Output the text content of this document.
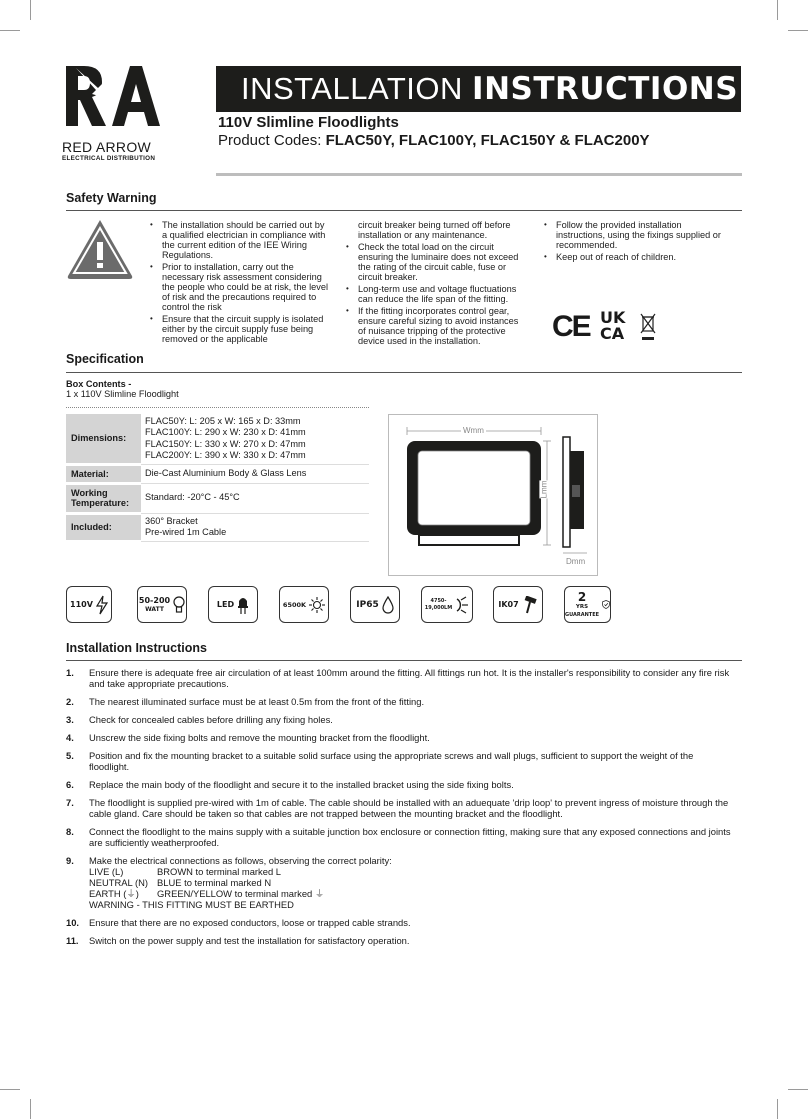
RED ARROW
ELECTRICAL DISTRIBUTION
INSTALLATION INSTRUCTIONS
110V Slimline Floodlights
Product Codes: FLAC50Y, FLAC100Y, FLAC150Y & FLAC200Y
Safety Warning
• The installation should be carried out by a qualified electrician in compliance with the current edition of the IEE Wiring Regulations.
• Prior to installation, carry out the necessary risk assessment considering the people who could be at risk, the level of risk and the precautions required to control the risk
• Ensure that the circuit supply is isolated either by the circuit supply fuse being removed or the applicable
circuit breaker being turned off before installation or any maintenance.
• Check the total load on the circuit ensuring the luminaire does not exceed the rating of the circuit cable, fuse or circuit breaker.
• Long-term use and voltage fluctuations can reduce the life span of the fitting.
• If the fitting incorporates control gear, ensure careful sizing to avoid instances of nuisance tripping of the protective device used in the installation.
• Follow the provided installation instructions, using the fixings supplied or recommended.
• Keep out of reach of children.
CE UK
CA
Specification
Box Contents -
1 x 110V Slimline Floodlight
Dimensions:	FLAC50Y: L: 205 x W: 165 x D: 33mm
FLAC100Y: L: 290 x W: 230 x D: 41mm
FLAC150Y: L: 330 x W: 270 x D: 47mm
FLAC200Y: L: 390 x W: 330 x D: 47mm

Material:	Die-Cast Aluminium Body & Glass Lens
Working Temperature:	Standard: -20°C - 45°C
Included:	360° Bracket
Pre-wired 1m Cable
Wmm
Lmm
Dmm
110V	50-200
WATT	LED	6500K	IP65	4750-
19,000LM	IK07
2
YRS
GUARANTEE
Installation Instructions
1. Ensure there is adequate free air circulation of at least 100mm around the fitting. All fittings run hot. It is the installer's responsibility to consider any fire risk and take appropriate precautions.
2. The nearest illuminated surface must be at least 0.5m from the front of the fitting.
3. Check for concealed cables before drilling any fixing holes.
4. Unscrew the side fixing bolts and remove the mounting bracket from the floodlight.
5. Position and fix the mounting bracket to a suitable solid surface using the appropriate screws and wall plugs, sufficient to support the weight of the floodlight.
6. Replace the main body of the floodlight and secure it to the installed bracket using the side fixing bolts.
7. The floodlight is supplied pre-wired with 1m of cable. The cable should be installed with an aduequate 'drip loop' to prevent ingress of moisture through the cable gland. Care should be taken so that cables are not trapped between the mounting bracket and the floodlight.
8. Connect the floodlight to the mains supply with a suitable junction box enclosure or connection fitting, making sure that any exposed connections and joints are sufficiently weatherproofed.
9. Make the electrical connections as follows, observing the correct polarity:
LIVE (L)	BROWN to terminal marked L
NEUTRAL (N) BLUE to terminal marked N
EARTH (⏚)	GREEN/YELLOW to terminal marked ⏚
WARNING - THIS FITTING MUST BE EARTHED
10. Ensure that there are no exposed conductors, loose or trapped cable strands.
11. Switch on the power supply and test the installation for satisfactory operation.
